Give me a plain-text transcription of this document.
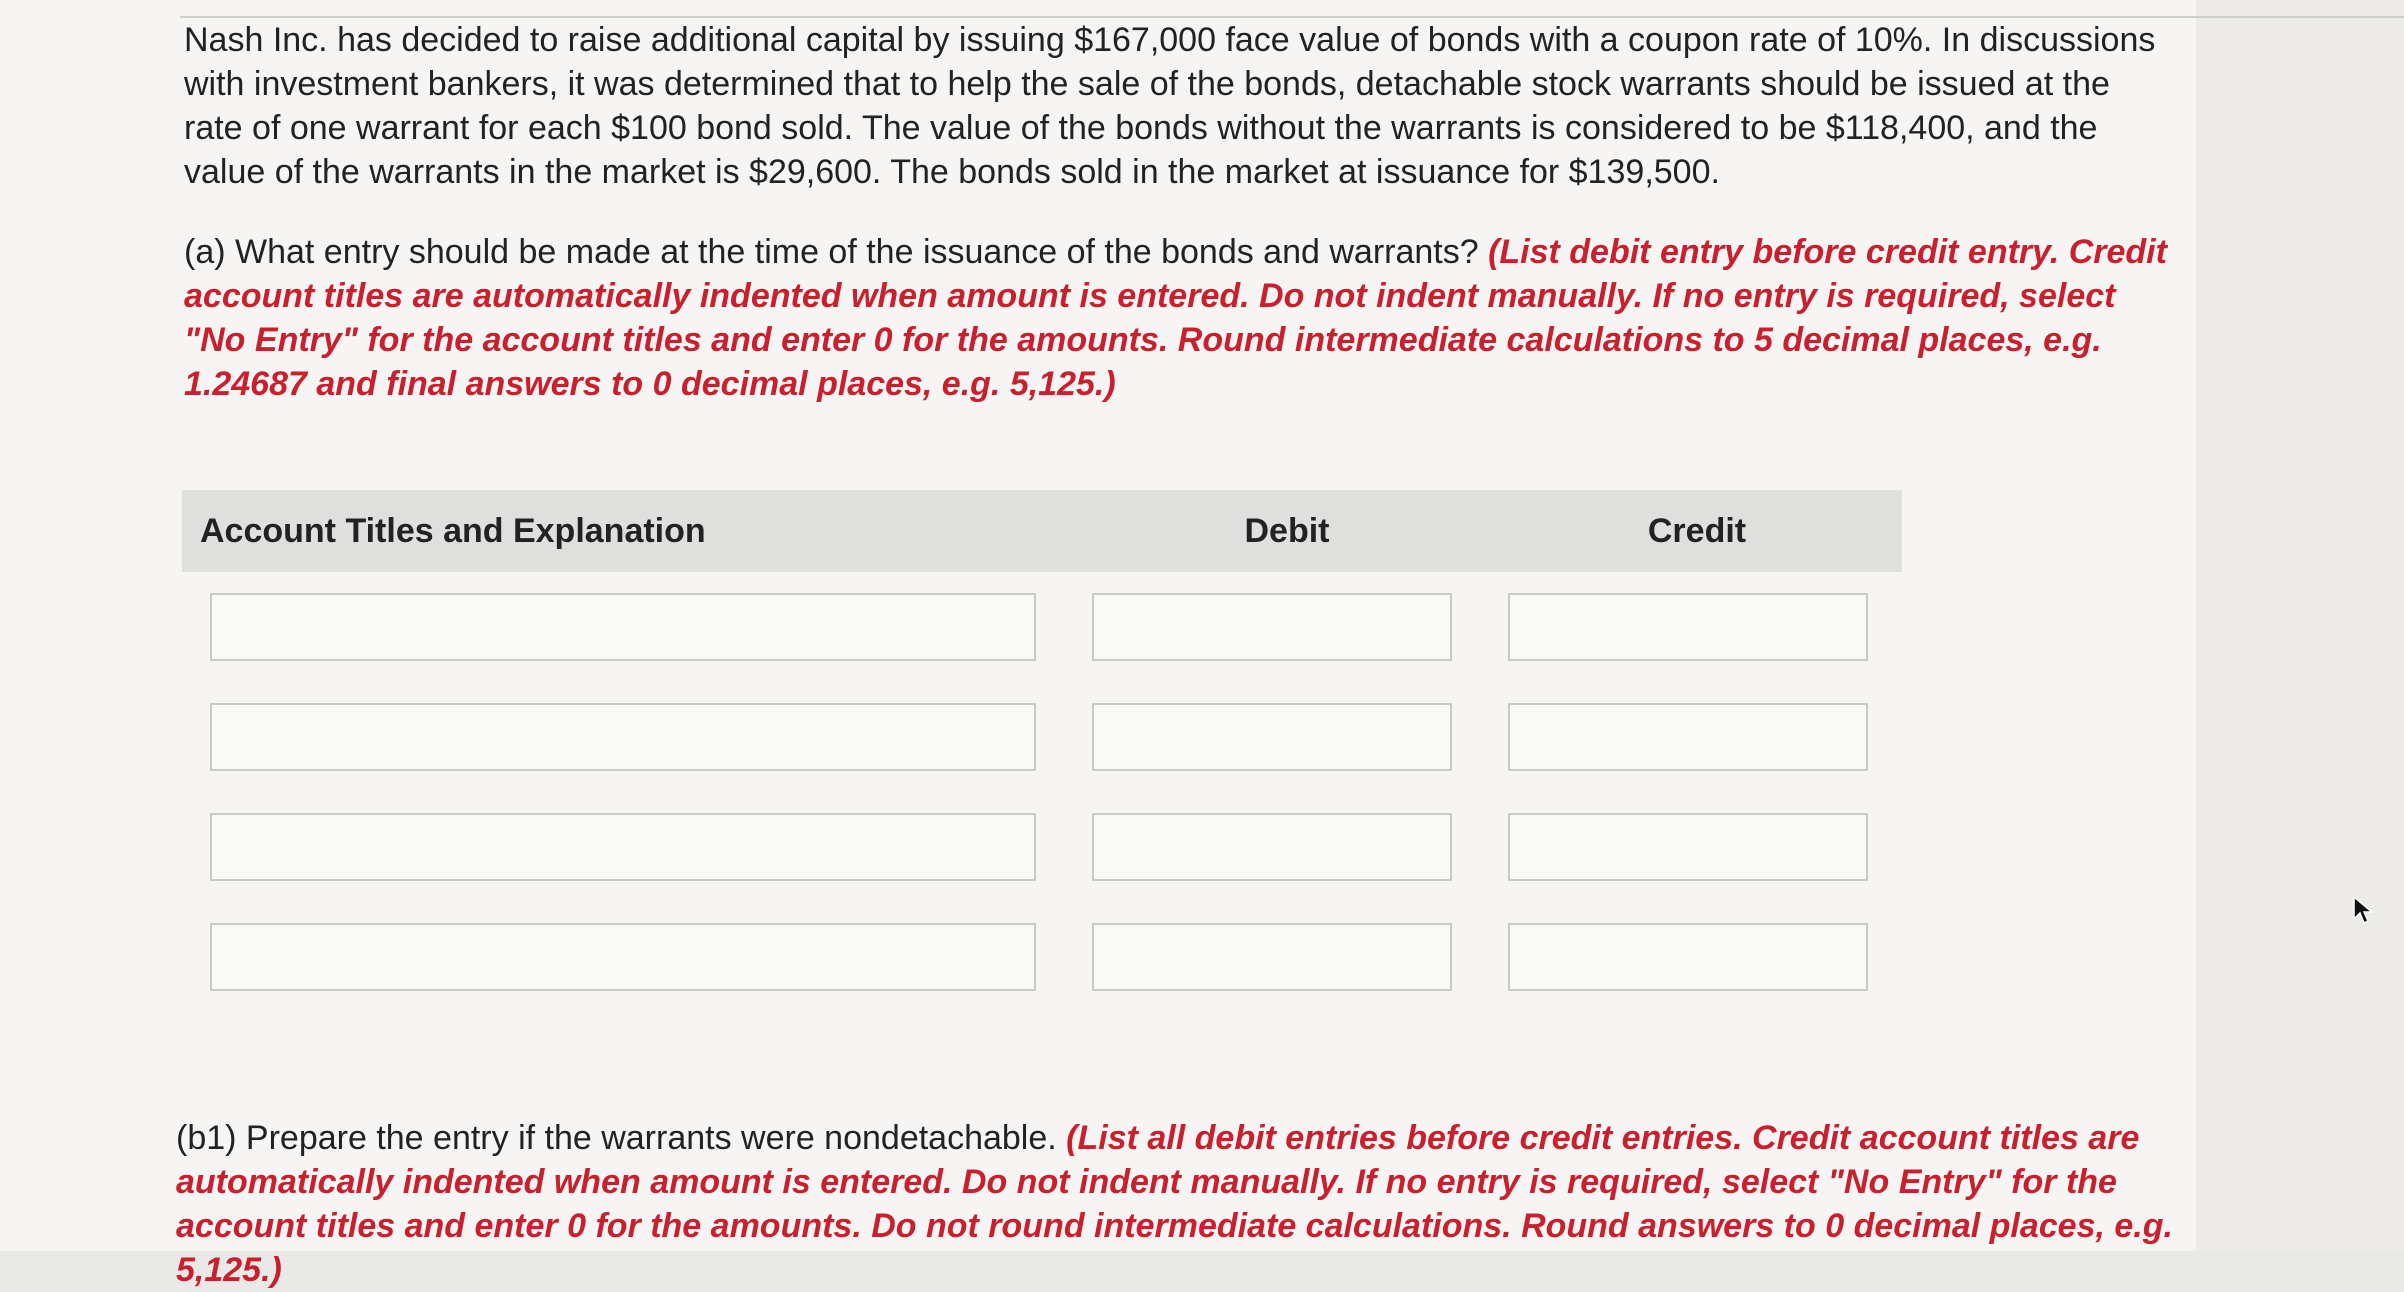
Nash Inc. has decided to raise additional capital by issuing $167,000 face value of bonds with a coupon rate of 10%. In discussions with investment bankers, it was determined that to help the sale of the bonds, detachable stock warrants should be issued at the rate of one warrant for each $100 bond sold. The value of the bonds without the warrants is considered to be $118,400, and the value of the warrants in the market is $29,600. The bonds sold in the market at issuance for $139,500.

(a) What entry should be made at the time of the issuance of the bonds and warrants? (List debit entry before credit entry. Credit account titles are automatically indented when amount is entered. Do not indent manually. If no entry is required, select "No Entry" for the account titles and enter 0 for the amounts. Round intermediate calculations to 5 decimal places, e.g. 1.24687 and final answers to 0 decimal places, e.g. 5,125.)

Account Titles and Explanation	Debit	Credit

(b1) Prepare the entry if the warrants were nondetachable. (List all debit entries before credit entries. Credit account titles are automatically indented when amount is entered. Do not indent manually. If no entry is required, select "No Entry" for the account titles and enter 0 for the amounts. Do not round intermediate calculations. Round answers to 0 decimal places, e.g. 5,125.)
